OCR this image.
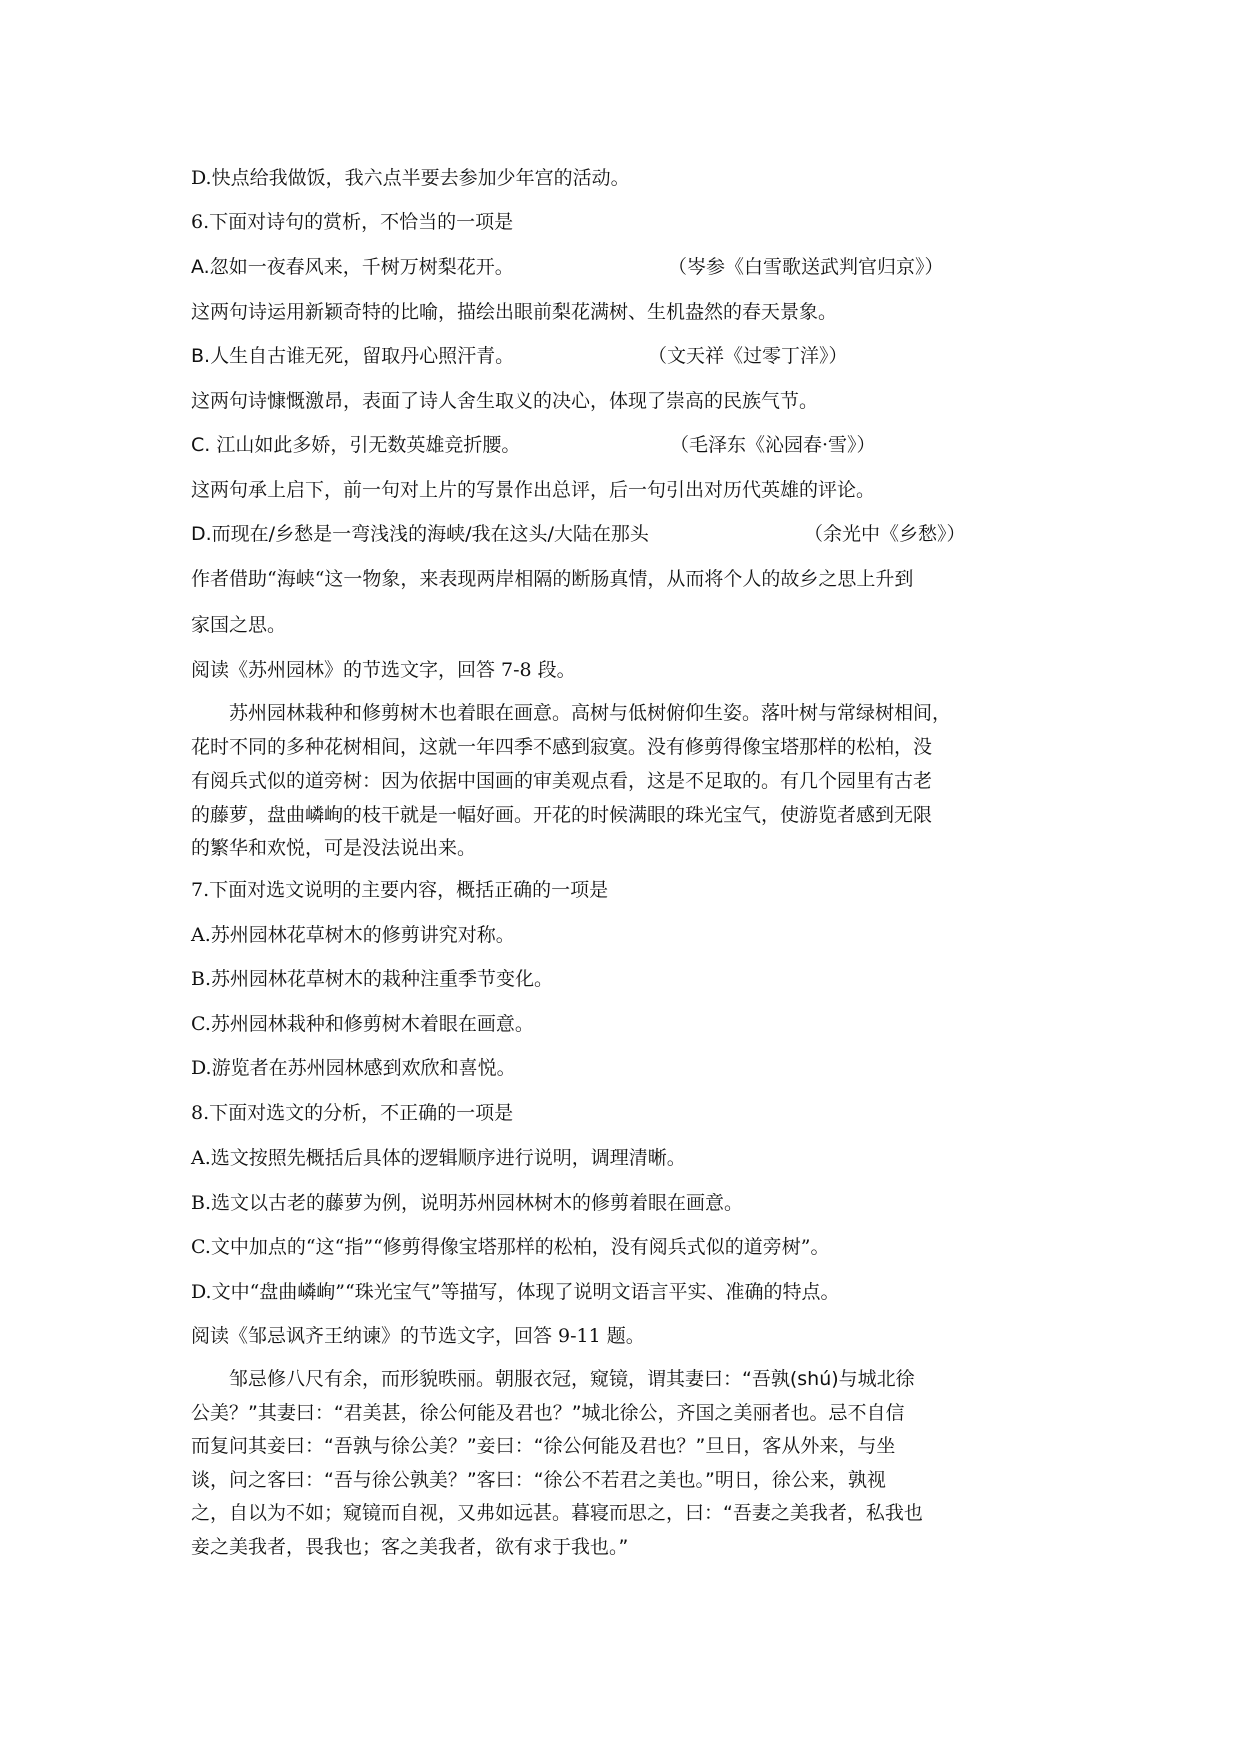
D.快点给我做饭，我六点半要去参加少年宫的活动。
6.下面对诗句的赏析，不恰当的一项是
A.忽如一夜春风来，千树万树梨花开。	（岑参《白雪歌送武判官归京》）
这两句诗运用新颖奇特的比喻，描绘出眼前梨花满树、生机盎然的春天景象。
B.人生自古谁无死，留取丹心照汗青。	（文天祥《过零丁洋》）
这两句诗慷慨激昂，表面了诗人舍生取义的决心，体现了崇高的民族气节。
C. 江山如此多娇，引无数英雄竞折腰。	（毛泽东《沁园春·雪》）
这两句承上启下，前一句对上片的写景作出总评，后一句引出对历代英雄的评论。
D.而现在/乡愁是一弯浅浅的海峡/我在这头/大陆在那头	（余光中《乡愁》）
作者借助“海峡“这一物象，来表现两岸相隔的断肠真情，从而将个人的故乡之思上升到
家国之思。
阅读《苏州园林》的节选文字，回答 7-8 段。
苏州园林栽种和修剪树木也着眼在画意。高树与低树俯仰生姿。落叶树与常绿树相间，
花时不同的多种花树相间，这就一年四季不感到寂寞。没有修剪得像宝塔那样的松柏，没
有阅兵式似的道旁树：因为依据中国画的审美观点看，这是不足取的。有几个园里有古老
的藤萝，盘曲嶙峋的枝干就是一幅好画。开花的时候满眼的珠光宝气，使游览者感到无限
的繁华和欢悦，可是没法说出来。
7.下面对选文说明的主要内容，概括正确的一项是
A.苏州园林花草树木的修剪讲究对称。
B.苏州园林花草树木的栽种注重季节变化。
C.苏州园林栽种和修剪树木着眼在画意。
D.游览者在苏州园林感到欢欣和喜悦。
8.下面对选文的分析，不正确的一项是
A.选文按照先概括后具体的逻辑顺序进行说明，调理清晰。
B.选文以古老的藤萝为例，说明苏州园林树木的修剪着眼在画意。
C.文中加点的“这“指”“修剪得像宝塔那样的松柏，没有阅兵式似的道旁树”。
D.文中“盘曲嶙峋”“珠光宝气”等描写，体现了说明文语言平实、准确的特点。
阅读《邹忌讽齐王纳谏》的节选文字，回答 9-11 题。
邹忌修八尺有余，而形貌昳丽。朝服衣冠，窥镜，谓其妻曰：“吾孰(shú)与城北徐
公美？”其妻曰：“君美甚，徐公何能及君也？”城北徐公，齐国之美丽者也。忌不自信
而复问其妾曰：“吾孰与徐公美？”妾曰：“徐公何能及君也？”旦日，客从外来，与坐
谈，问之客曰：“吾与徐公孰美？”客曰：“徐公不若君之美也。”明日，徐公来，孰视
之，自以为不如；窥镜而自视，又弗如远甚。暮寝而思之，曰：“吾妻之美我者，私我也
妾之美我者，畏我也；客之美我者，欲有求于我也。”
